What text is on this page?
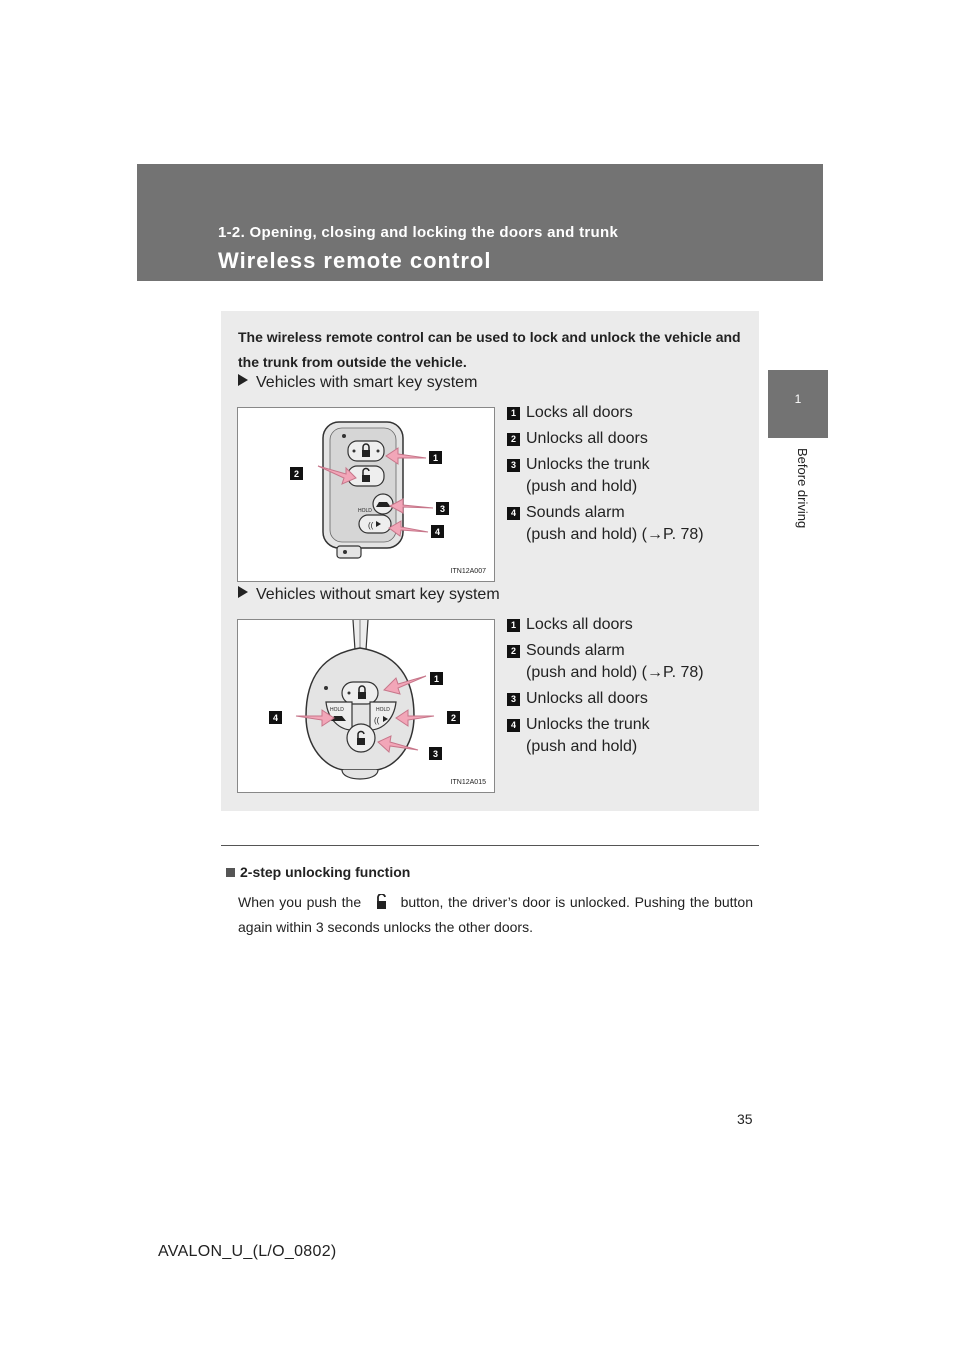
1-2. Opening, closing and locking the doors and trunk
Wireless remote control
1
Before driving
The wireless remote control can be used to lock and unlock the vehicle and the trunk from outside the vehicle.
Vehicles with smart key system
HOLD
((
1
2
3
4
ITN12A007
1 Locks all doors
2 Unlocks all doors
3 Unlocks the trunk
(push and hold)
4 Sounds alarm
(push and hold) (→P. 78)
Vehicles without smart key system
HOLD
((
HOLD
1
2
3
4
ITN12A015
1 Locks all doors
2 Sounds alarm
(push and hold) (→P. 78)
3 Unlocks all doors
4 Unlocks the trunk
(push and hold)
2-step unlocking function
When you push the	button, the driver’s door is unlocked. Pushing the button again within 3 seconds unlocks the other doors.
35
AVALON_U_(L/O_0802)
